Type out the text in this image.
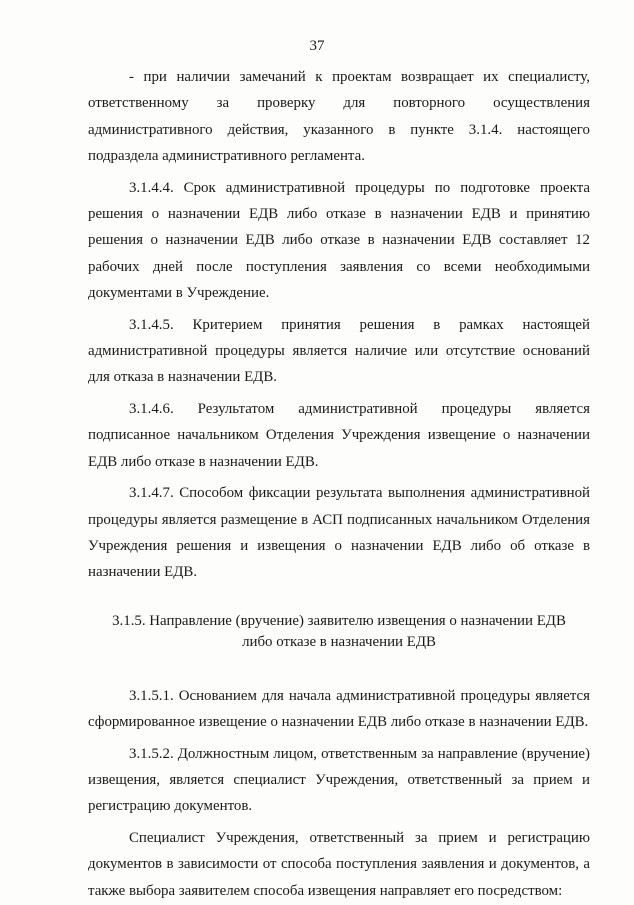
37

- при наличии замечаний к проектам возвращает их специалисту, ответственному за проверку для повторного осуществления административного действия, указанного в пункте 3.1.4. настоящего подраздела административного регламента.

3.1.4.4. Срок административной процедуры по подготовке проекта решения о назначении ЕДВ либо отказе в назначении ЕДВ и принятию решения о назначении ЕДВ либо отказе в назначении ЕДВ составляет 12 рабочих дней после поступления заявления со всеми необходимыми документами в Учреждение.

3.1.4.5. Критерием принятия решения в рамках настоящей административной процедуры является наличие или отсутствие оснований для отказа в назначении ЕДВ.

3.1.4.6. Результатом административной процедуры является подписанное начальником Отделения Учреждения извещение о назначении ЕДВ либо отказе в назначении ЕДВ.

3.1.4.7. Способом фиксации результата выполнения административной процедуры является размещение в АСП подписанных начальником Отделения Учреждения решения и извещения о назначении ЕДВ либо об отказе в назначении ЕДВ.

3.1.5. Направление (вручение) заявителю извещения о назначении ЕДВ

либо отказе в назначении ЕДВ

3.1.5.1. Основанием для начала административной процедуры является сформированное извещение о назначении ЕДВ либо отказе в назначении ЕДВ.

3.1.5.2. Должностным лицом, ответственным за направление (вручение) извещения, является специалист Учреждения, ответственный за прием и регистрацию документов.

Специалист Учреждения, ответственный за прием и регистрацию документов в зависимости от способа поступления заявления и документов, а также выбора заявителем способа извещения направляет его посредством:
